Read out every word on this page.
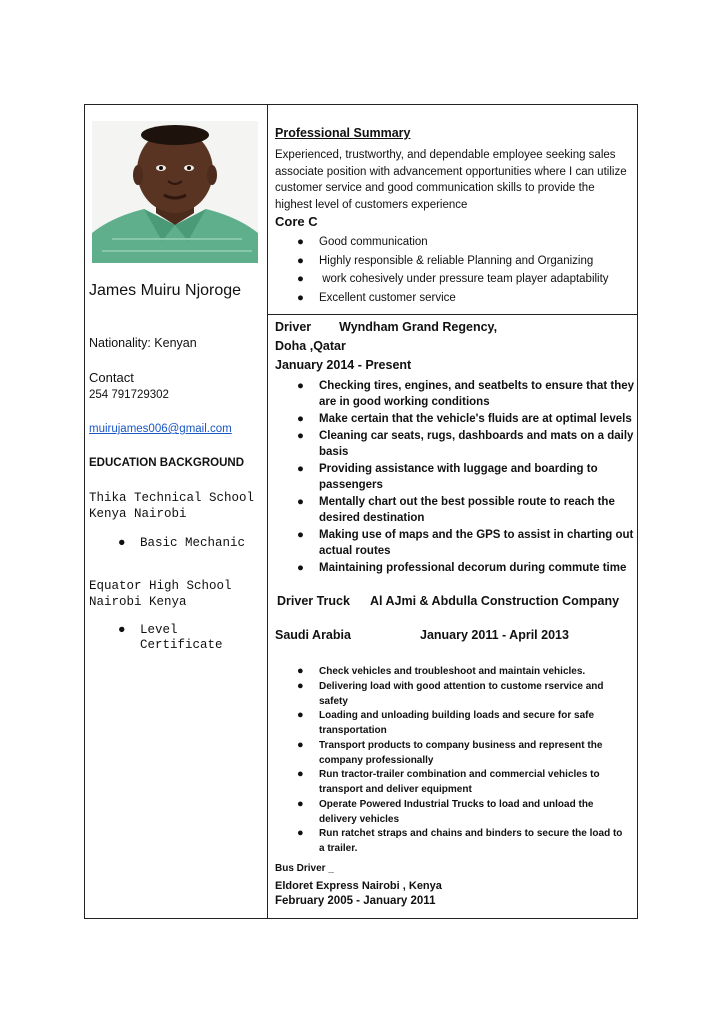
James Muiru Njoroge
Nationality: Kenyan
Contact
254 791729302
muirujames006@gmail.com
EDUCATION BACKGROUND
Thika Technical School
Kenya Nairobi
●	Basic Mechanic
Equator High School
Nairobi Kenya
●	Level Certificate
Professional Summary
Experienced, trustworthy, and dependable employee seeking sales associate position with advancement opportunities where I can utilize customer service and good communication skills to provide the highest level of customers experience
Core C
●	Good communication
●	Highly responsible & reliable Planning and Organizing
●	work cohesively under pressure team player adaptability
●	Excellent customer service
Driver Wyndham Grand Regency,
Doha ,Qatar
January 2014 - Present
●	Checking tires, engines, and seatbelts to ensure that they are in good working conditions
●	Make certain that the vehicle's fluids are at optimal levels
●	Cleaning car seats, rugs, dashboards and mats on a daily basis
●	Providing assistance with luggage and boarding to passengers
●	Mentally chart out the best possible route to reach the desired destination
●	Making use of maps and the GPS to assist in charting out actual routes
●	Maintaining professional decorum during commute time
Driver Truck Al AJmi & Abdulla Construction Company
Saudi Arabia	January 2011 - April 2013
●	Check vehicles and troubleshoot and maintain vehicles.
●	Delivering load with good attention to custome rservice and safety
●	Loading and unloading building loads and secure for safe transportation
●	Transport products to company business and represent the company professionally
●	Run tractor-trailer combination and commercial vehicles to transport and deliver equipment
●	Operate Powered Industrial Trucks to load and unload the delivery vehicles
●	Run ratchet straps and chains and binders to secure the load to a trailer.
Bus Driver _
Eldoret Express Nairobi , Kenya
February 2005 - January 2011
